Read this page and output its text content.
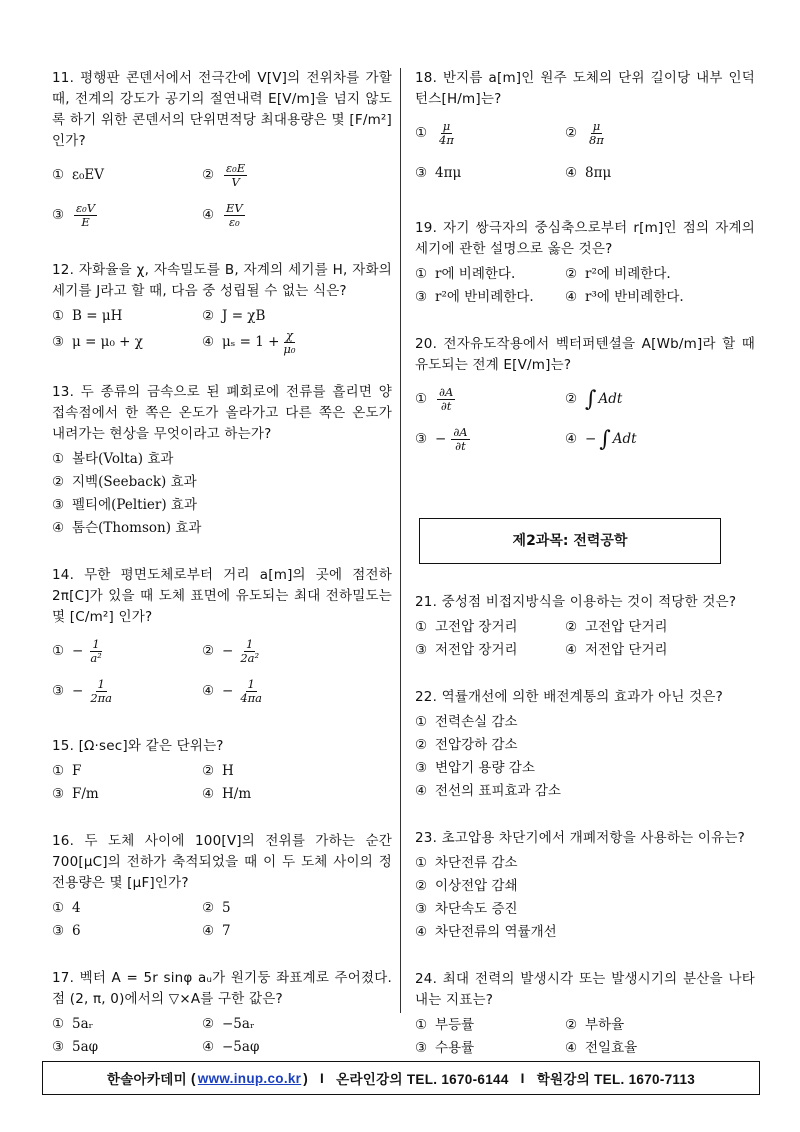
11. 평행판 콘덴서에서 전극간에 V[V]의 전위차를 가할 때, 전계의 강도가 공기의 절연내력 E[V/m]을 넘지 않도록 하기 위한 콘덴서의 단위면적당 최대용량은 몇 [F/m²]인가?
① ε₀EV	② $\frac{\text{ε₀E}}{V}$
③ $\frac{\text{ε₀V}}{E}$	④ $\frac{EV}{\text{ε₀}}$
12. 자화율을 χ, 자속밀도를 B, 자계의 세기를 H, 자화의 세기를 J라고 할 때, 다음 중 성립될 수 없는 식은?
① B = μH	② J = χB
③ μ = μ₀ + χ	④ $\mu_s = 1 + \frac{\chi}{\text{μ₀}}$
13. 두 종류의 금속으로 된 폐회로에 전류를 흘리면 양 접속점에서 한 쪽은 온도가 올라가고 다른 쪽은 온도가 내려가는 현상을 무엇이라고 하는가?
① 볼타(Volta) 효과
② 지벡(Seeback) 효과
③ 펠티에(Peltier) 효과
④ 톰슨(Thomson) 효과
14. 무한 평면도체로부터 거리 a[m]의 곳에 점전하 2π[C]가 있을 때 도체 표면에 유도되는 최대 전하밀도는 몇 [C/m²] 인가?
① − $\frac{1}{\text{a²}}$	② − $\frac{1}{\text{2a²}}$
③ − $\frac{1}{2\pi a}$	④ − $\frac{1}{4\pi a}$
15. [Ω·sec]와 같은 단위는?
① F	② H
③ F/m	④ H/m
16. 두 도체 사이에 100[V]의 전위를 가하는 순간 700[μC]의 전하가 축적되었을 때 이 두 도체 사이의 정전용량은 몇 [μF]인가?
① 4	② 5
③ 6	④ 7
17. 벡터 A = 5r sinφ aᵤ가 원기둥 좌표계로 주어졌다. 점 (2, π, 0)에서의 ▽×A를 구한 값은?
① 5aᵣ	② −5aᵣ
③ 5aφ	④ −5aφ
18. 반지름 a[m]인 원주 도체의 단위 길이당 내부 인덕턴스[H/m]는?
① $\frac{\mu}{4\pi}$	② $\frac{\mu}{8\pi}$
③ 4πμ	④ 8πμ
19. 자기 쌍극자의 중심축으로부터 r[m]인 점의 자계의 세기에 관한 설명으로 옳은 것은?
① r에 비례한다.	② r²에 비례한다.
③ r²에 반비례한다. ④ r³에 반비례한다.
20. 전자유도작용에서 벡터퍼텐셜을 A[Wb/m]라 할 때 유도되는 전계 E[V/m]는?
① $\frac{\partial A}{\partial t}$	② ∫ Adt
③ − $\frac{\partial A}{\partial t}$	④ − ∫ Adt
제2과목: 전력공학
21. 중성점 비접지방식을 이용하는 것이 적당한 것은?
① 고전압 장거리	② 고전압 단거리
③ 저전압 장거리	④ 저전압 단거리
22. 역률개선에 의한 배전계통의 효과가 아닌 것은?
① 전력손실 감소
② 전압강하 감소
③ 변압기 용량 감소
④ 전선의 표피효과 감소
23. 초고압용 차단기에서 개폐저항을 사용하는 이유는?
① 차단전류 감소
② 이상전압 감쇄
③ 차단속도 증진
④ 차단전류의 역률개선
24. 최대 전력의 발생시각 또는 발생시기의 분산을 나타내는 지표는?
① 부등률	② 부하율
③ 수용률	④ 전일효율
한솔아카데미 ( www.inup.co.kr ) I 온라인강의 TEL. 1670-6144 I 학원강의 TEL. 1670-7113
